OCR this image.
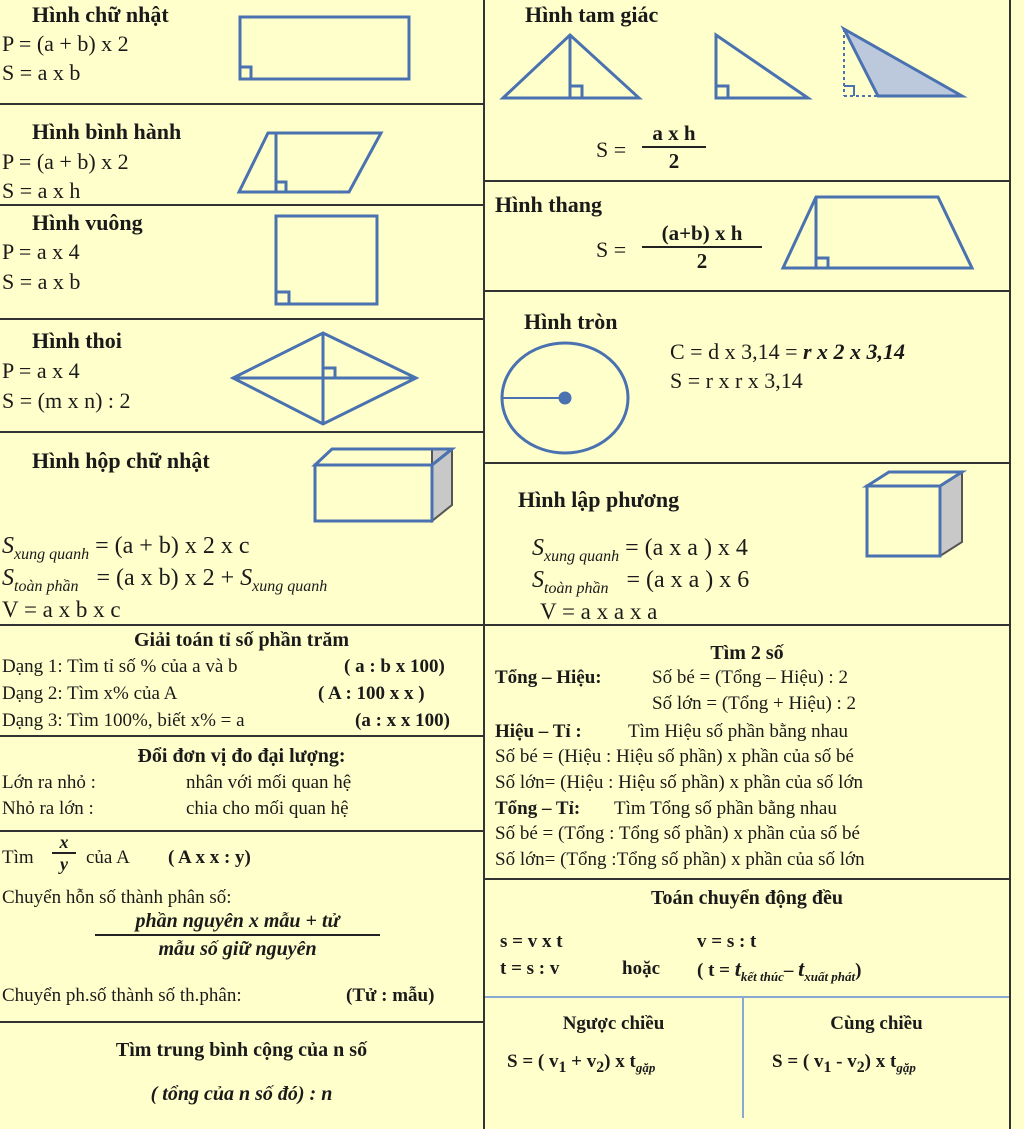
Hình chữ nhật
P = (a + b) x 2
S = a x b
Hình bình hành
P = (a + b) x 2
S = a x h
Hình vuông
P = a x 4
S = a x b
Hình thoi
P = a x 4
S = (m x n) : 2
Hình hộp chữ nhật
$S_{xung quanh} = (a + b)$ x 2 x c
$S_{toàn phần} = (a$ x b) x $2 + S_{xung quanh}$
V = a x b x c
Giải toán tỉ số phần trăm
Dạng 1: Tìm tỉ số % của a và b	( a : b x 100)
Dạng 2: Tìm x% của A	( A : 100 x x )
Dạng 3: Tìm 100%, biết x% = a	(a : x x 100)
Đổi đơn vị đo đại lượng:
Lớn ra nhỏ :	nhân với mối quan hệ
Nhỏ ra lớn :	chia cho mối quan hệ
Tìm $\frac{x}{y}$ của A ( A x x : y)
Chuyển hỗn số thành phân số:
phần nguyên x mẫu + tử
mẫu số giữ nguyên
Chuyển ph.số thành số th.phân:	(Tử : mẫu)
Tìm trung bình cộng của n số
( tổng của n số đó) : n
Hình tam giác
$S = \frac{\text{a x h}}{2}$
Hình thang
$S = \frac{\text{(a+b) x h}}{2}$
Hình tròn
C = d x 3,14 = r x 2 x 3,14
S = r x r x 3,14
Hình lập phương
$S_{xung quanh} = (a$ x a ) x 4
$S_{toàn phần} = (a$ x a ) x 6
V = a x a x a
Tìm 2 số
Tổng – Hiệu:	Số bé = (Tổng – Hiệu) : 2
Số lớn = (Tổng + Hiệu) : 2
Hiệu – Tỉ : Tìm Hiệu số phần bằng nhau
Số bé = (Hiệu : Hiệu số phần) x phần của số bé
Số lớn= (Hiệu : Hiệu số phần) x phần của số lớn
Tổng – Tỉ: Tìm Tổng số phần bằng nhau
Số bé = (Tổng : Tổng số phần) x phần của số bé
Số lớn= (Tổng :Tổng số phần) x phần của số lớn
Toán chuyển động đều
s = v x t	v = s : t
t = s : v	hoặc ( $t = t_{kết thúc}-$ $t_{xuất phát}$)
Ngược chiều	Cùng chiều
S = ( $v_1 + v_2$) x $t_{gặp}$	S = ( $v_1 - v_2$) x $t_{gặp}$
